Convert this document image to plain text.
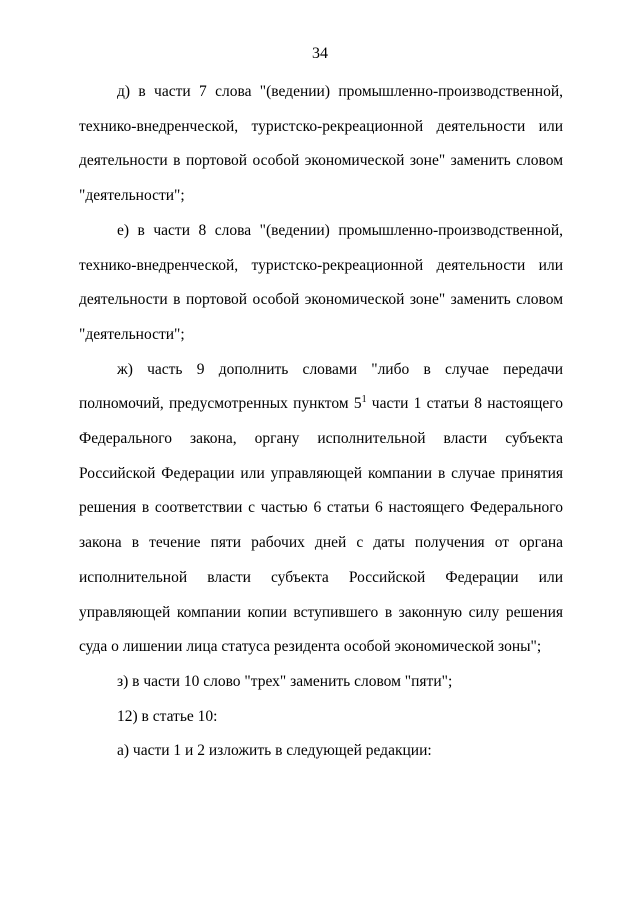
34

д) в части 7 слова "(ведении) промышленно-производственной, технико-внедренческой, туристско-рекреационной деятельности или деятельности в портовой особой экономической зоне" заменить словом "деятельности";

е) в части 8 слова "(ведении) промышленно-производственной, технико-внедренческой, туристско-рекреационной деятельности или деятельности в портовой особой экономической зоне" заменить словом "деятельности";

ж) часть 9 дополнить словами "либо в случае передачи полномочий, предусмотренных пунктом $5^1$ части 1 статьи 8 настоящего Федерального закона, органу исполнительной власти субъекта Российской Федерации или управляющей компании в случае принятия решения в соответствии с частью 6 статьи 6 настоящего Федерального закона в течение пяти рабочих дней с даты получения от органа исполнительной власти субъекта Российской Федерации или управляющей компании копии вступившего в законную силу решения суда о лишении лица статуса резидента особой экономической зоны";

з) в части 10 слово "трех" заменить словом "пяти";

12) в статье 10:

а) части 1 и 2 изложить в следующей редакции:
